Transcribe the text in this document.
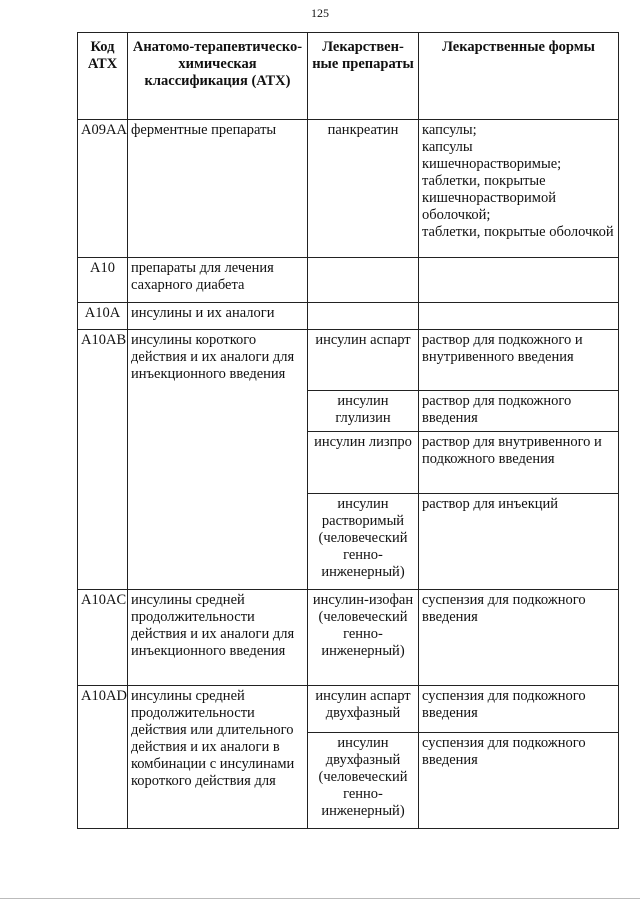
125
Код АТХ	Анатомо-терапевтическо-химическая классификация (АТХ)	Лекарствен-ные препараты	Лекарственные формы
A09AA	ферментные препараты	панкреатин	капсулы;
капсулы кишечнорастворимые;
таблетки, покрытые кишечнорастворимой оболочкой;
таблетки, покрытые оболочкой

A10	препараты для лечения сахарного диабета		
A10A	инсулины и их аналоги		
A10AB	инсулины короткого действия и их аналоги для инъекционного введения	инсулин аспарт	раствор для подкожного и внутривенного введения
		инсулин глулизин	раствор для подкожного введения
		инсулин лизпро	раствор для внутривенного и подкожного введения
		инсулин растворимый (человеческий генно-инженерный)	раствор для инъекций
A10AC	инсулины средней продолжительности действия и их аналоги для инъекционного введения	инсулин-изофан (человеческий генно-инженерный)	суспензия для подкожного введения
A10AD	инсулины средней продолжительности действия или длительного действия и их аналоги в комбинации с инсулинами короткого действия для	инсулин аспарт двухфазный	суспензия для подкожного введения
		инсулин двухфазный (человеческий генно-инженерный)	суспензия для подкожного введения
